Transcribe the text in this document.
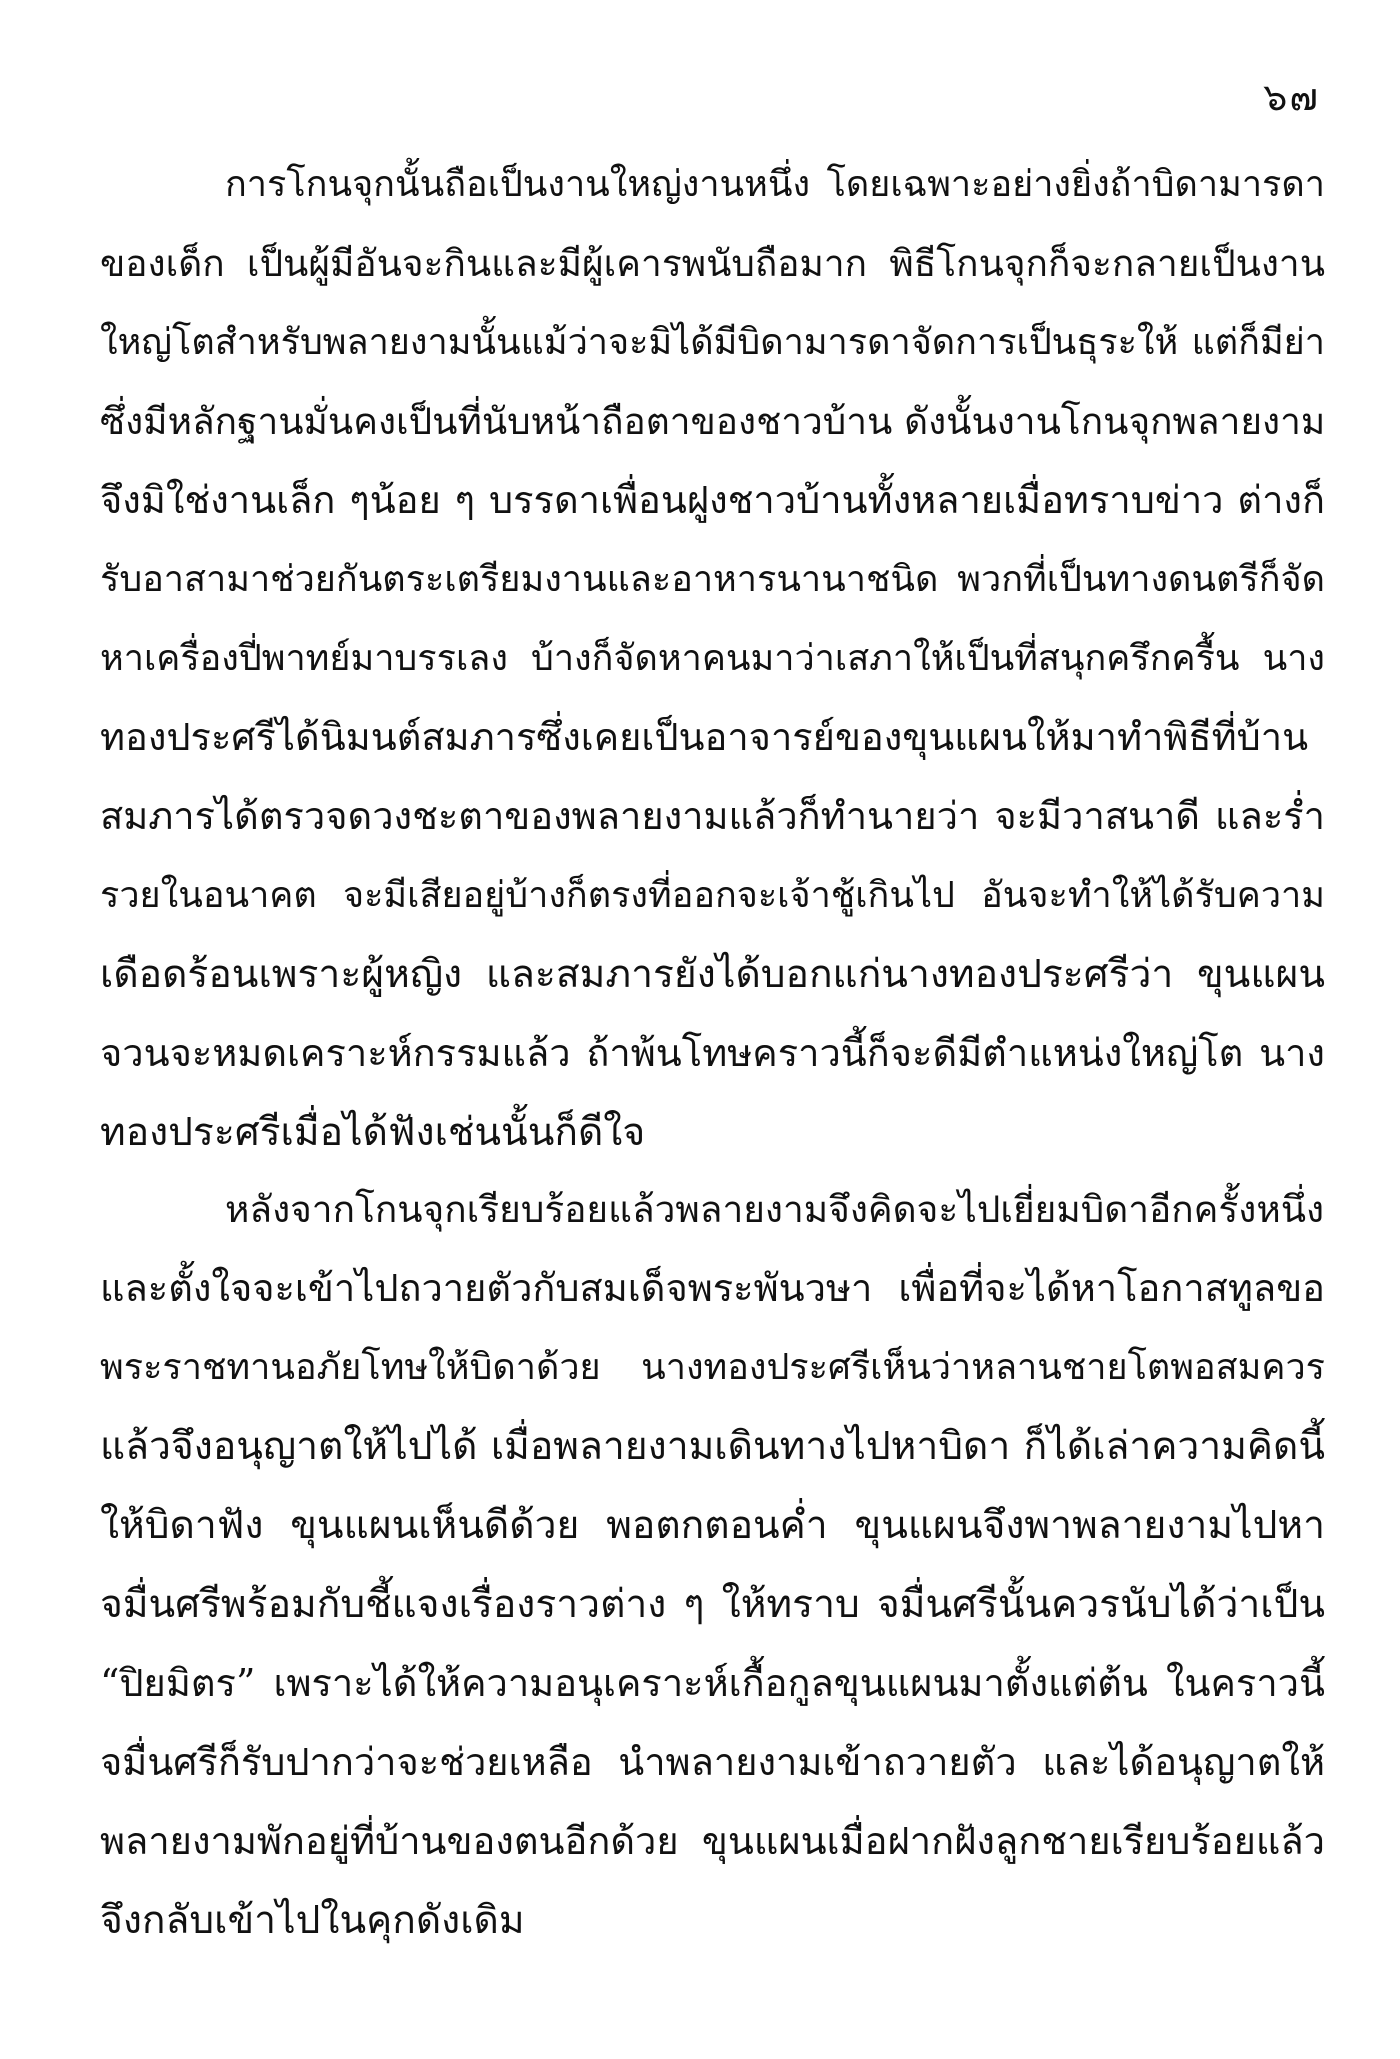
๖๗
การโกนจุกนั้นถือเป็นงานใหญ่งานหนึ่ง โดยเฉพาะอย่างยิ่งถ้าบิดามารดา
ของเด็ก เป็นผู้มีอันจะกินและมีผู้เคารพนับถือมาก พิธีโกนจุกก็จะกลายเป็นงาน
ใหญ่โตสำหรับพลายงามนั้นแม้ว่าจะมิได้มีบิดามารดาจัดการเป็นธุระให้ แต่ก็มีย่า
ซึ่งมีหลักฐานมั่นคงเป็นที่นับหน้าถือตาของชาวบ้าน ดังนั้นงานโกนจุกพลายงาม
จึงมิใช่งานเล็ก ๆน้อย ๆ บรรดาเพื่อนฝูงชาวบ้านทั้งหลายเมื่อทราบข่าว ต่างก็
รับอาสามาช่วยกันตระเตรียมงานและอาหารนานาชนิด พวกที่เป็นทางดนตรีก็จัด
หาเครื่องปี่พาทย์มาบรรเลง บ้างก็จัดหาคนมาว่าเสภาให้เป็นที่สนุกครึกครื้น นาง
ทองประศรีได้นิมนต์สมภารซึ่งเคยเป็นอาจารย์ของขุนแผนให้มาทำพิธีที่บ้าน
สมภารได้ตรวจดวงชะตาของพลายงามแล้วก็ทำนายว่า จะมีวาสนาดี และร่ำ
รวยในอนาคต จะมีเสียอยู่บ้างก็ตรงที่ออกจะเจ้าชู้เกินไป อันจะทำให้ได้รับความ
เดือดร้อนเพราะผู้หญิง และสมภารยังได้บอกแก่นางทองประศรีว่า ขุนแผน
จวนจะหมดเคราะห์กรรมแล้ว ถ้าพ้นโทษคราวนี้ก็จะดีมีตำแหน่งใหญ่โต นาง
ทองประศรีเมื่อได้ฟังเช่นนั้นก็ดีใจ
หลังจากโกนจุกเรียบร้อยแล้วพลายงามจึงคิดจะไปเยี่ยมบิดาอีกครั้งหนึ่ง
และตั้งใจจะเข้าไปถวายตัวกับสมเด็จพระพันวษา เพื่อที่จะได้หาโอกาสทูลขอ
พระราชทานอภัยโทษให้บิดาด้วย นางทองประศรีเห็นว่าหลานชายโตพอสมควร
แล้วจึงอนุญาตให้ไปได้ เมื่อพลายงามเดินทางไปหาบิดา ก็ได้เล่าความคิดนี้
ให้บิดาฟัง ขุนแผนเห็นดีด้วย พอตกตอนค่ำ ขุนแผนจึงพาพลายงามไปหา
จมื่นศรีพร้อมกับชี้แจงเรื่องราวต่าง ๆ ให้ทราบ จมื่นศรีนั้นควรนับได้ว่าเป็น
“ปิยมิตร” เพราะได้ให้ความอนุเคราะห์เกื้อกูลขุนแผนมาตั้งแต่ต้น ในคราวนี้
จมื่นศรีก็รับปากว่าจะช่วยเหลือ นำพลายงามเข้าถวายตัว และได้อนุญาตให้
พลายงามพักอยู่ที่บ้านของตนอีกด้วย ขุนแผนเมื่อฝากฝังลูกชายเรียบร้อยแล้ว
จึงกลับเข้าไปในคุกดังเดิม
